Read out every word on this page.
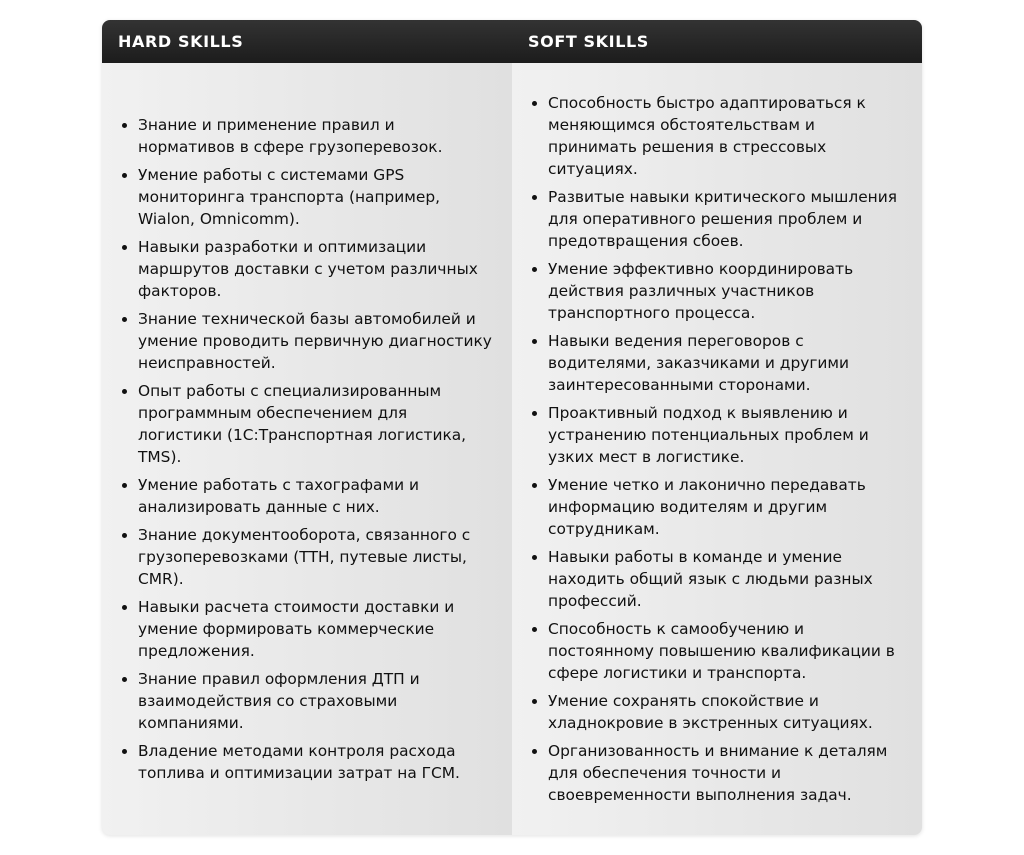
HARD SKILLS	SOFT SKILLS
Знание и применение правил и нормативов в сфере грузоперевозок.
Умение работы с системами GPS мониторинга транспорта (например, Wialon, Omnicomm).
Навыки разработки и оптимизации маршрутов доставки с учетом различных факторов.
Знание технической базы автомобилей и умение проводить первичную диагностику неисправностей.
Опыт работы с специализированным программным обеспечением для логистики (1С:Транспортная логистика, TMS).
Умение работать с тахографами и анализировать данные с них.
Знание документооборота, связанного с грузоперевозками (ТТН, путевые листы, CMR).
Навыки расчета стоимости доставки и умение формировать коммерческие предложения.
Знание правил оформления ДТП и взаимодействия со страховыми компаниями.
Владение методами контроля расхода топлива и оптимизации затрат на ГСМ.
Способность быстро адаптироваться к меняющимся обстоятельствам и принимать решения в стрессовых ситуациях.
Развитые навыки критического мышления для оперативного решения проблем и предотвращения сбоев.
Умение эффективно координировать действия различных участников транспортного процесса.
Навыки ведения переговоров с водителями, заказчиками и другими заинтересованными сторонами.
Проактивный подход к выявлению и устранению потенциальных проблем и узких мест в логистике.
Умение четко и лаконично передавать информацию водителям и другим сотрудникам.
Навыки работы в команде и умение находить общий язык с людьми разных профессий.
Способность к самообучению и постоянному повышению квалификации в сфере логистики и транспорта.
Умение сохранять спокойствие и хладнокровие в экстренных ситуациях.
Организованность и внимание к деталям для обеспечения точности и своевременности выполнения задач.
